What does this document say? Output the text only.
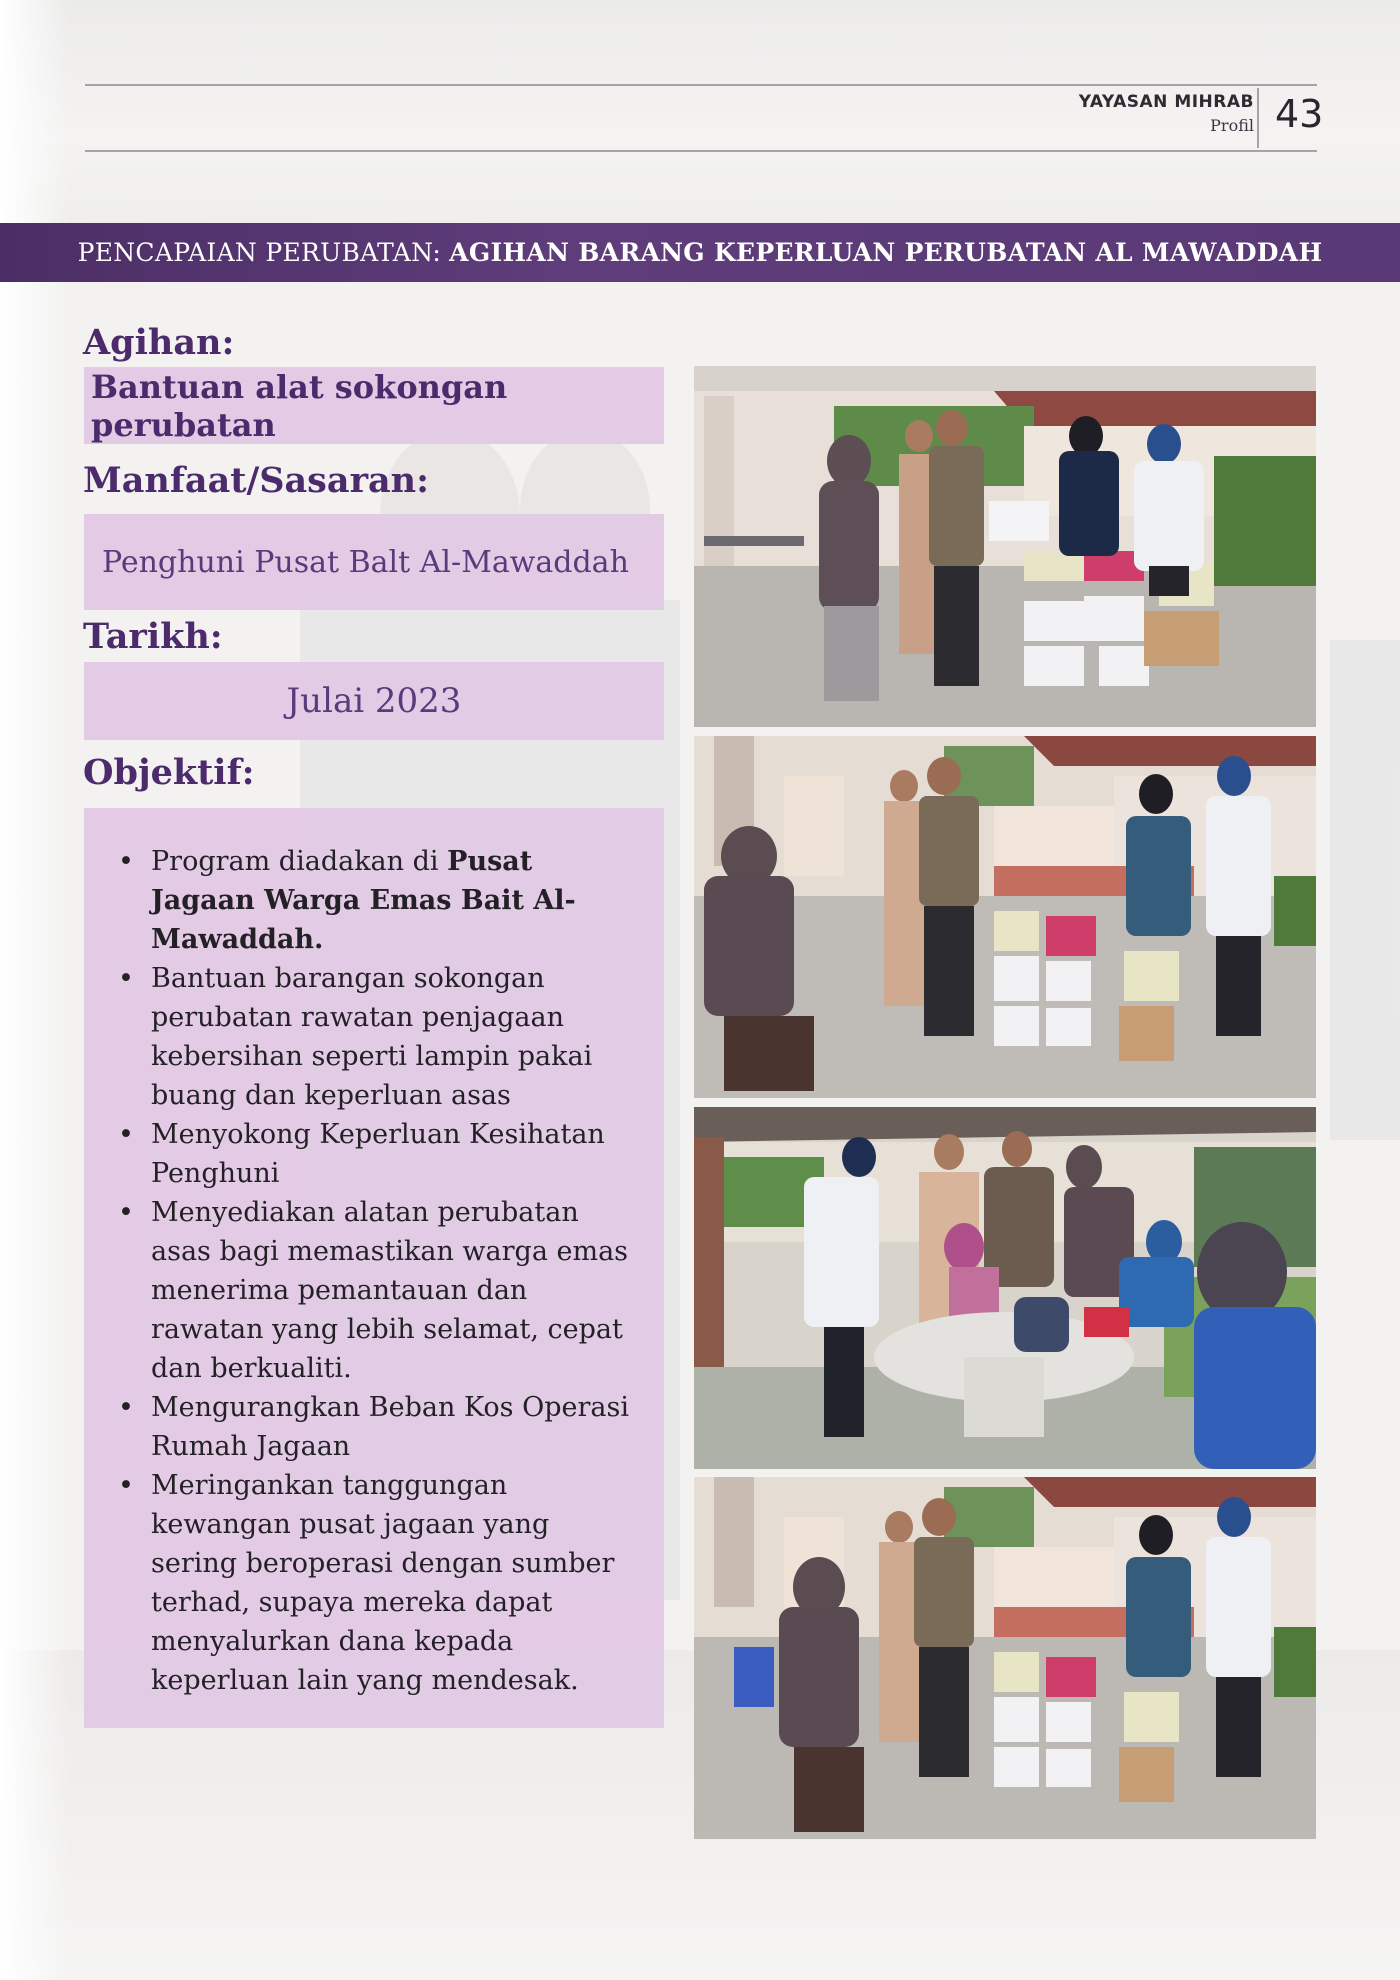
YAYASAN MIHRAB
Profil 43
PENCAPAIAN PERUBATAN: AGIHAN BARANG KEPERLUAN PERUBATAN AL MAWADDAH
Agihan:
Bantuan alat sokongan perubatan
Manfaat/Sasaran:
Penghuni Pusat Balt Al-Mawaddah
Tarikh:
Julai 2023
Objektif:
• Program diadakan di Pusat Jagaan Warga Emas Bait Al-Mawaddah.
• Bantuan barangan sokongan perubatan rawatan penjagaan kebersihan seperti lampin pakai buang dan keperluan asas
• Menyokong Keperluan Kesihatan Penghuni
• Menyediakan alatan perubatan asas bagi memastikan warga emas menerima pemantauan dan rawatan yang lebih selamat, cepat dan berkualiti.
• Mengurangkan Beban Kos Operasi Rumah Jagaan
• Meringankan tanggungan kewangan pusat jagaan yang sering beroperasi dengan sumber terhad, supaya mereka dapat menyalurkan dana kepada keperluan lain yang mendesak.
